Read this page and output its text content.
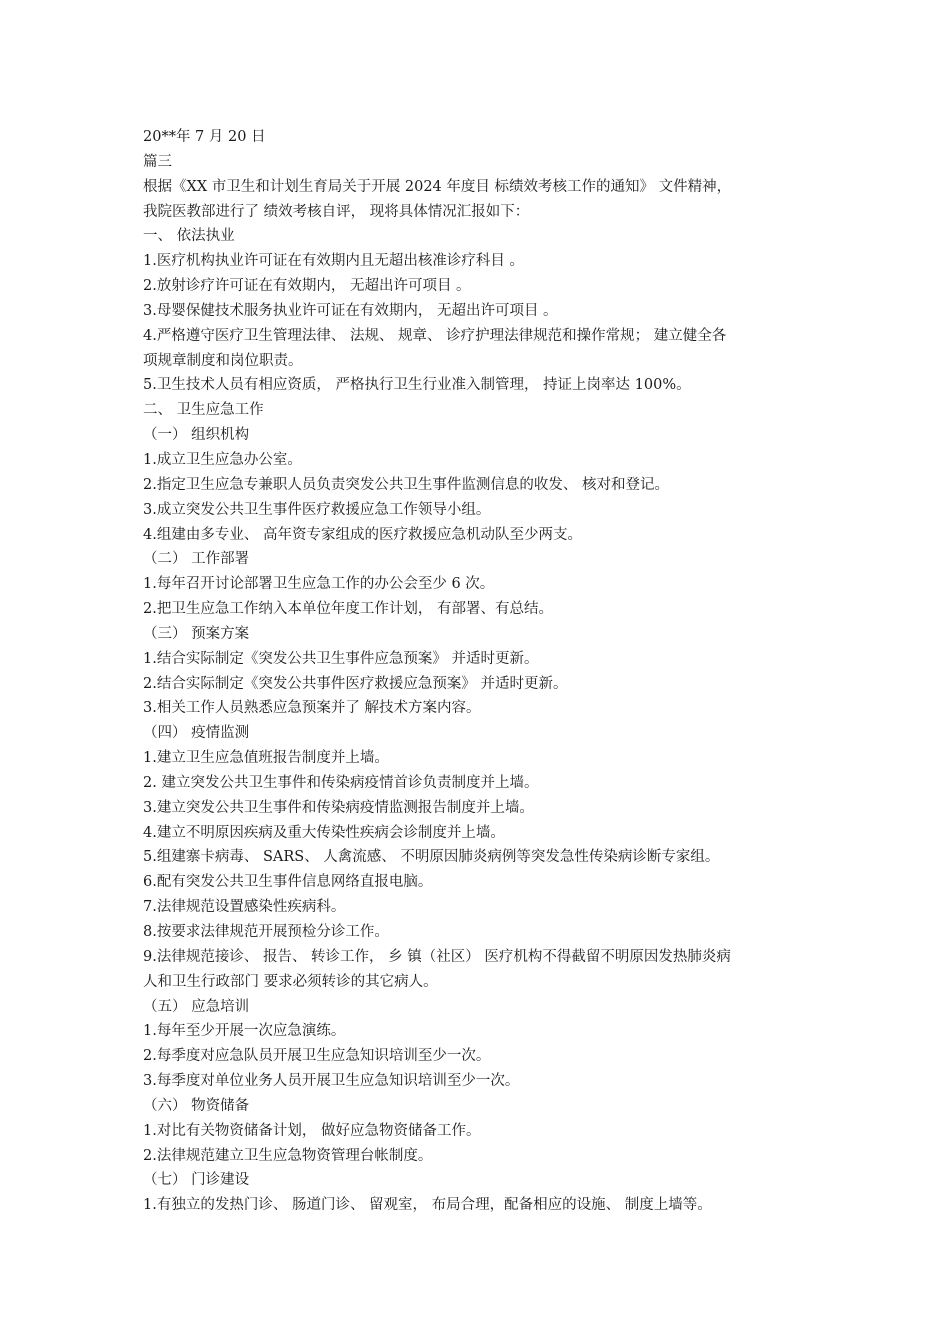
20**年 7 月 20 日
篇三
根据《XX 市卫生和计划生育局关于开展 2024 年度目 标绩效考核工作的通知》 文件精神，
我院医教部进行了 绩效考核自评， 现将具体情况汇报如下：
一、 依法执业
1.医疗机构执业许可证在有效期内且无超出核准诊疗科目 。
2.放射诊疗许可证在有效期内， 无超出许可项目 。
3.母婴保健技术服务执业许可证在有效期内， 无超出许可项目 。
4.严格遵守医疗卫生管理法律、 法规、 规章、 诊疗护理法律规范和操作常规； 建立健全各
项规章制度和岗位职责。
5.卫生技术人员有相应资质， 严格执行卫生行业准入制管理， 持证上岗率达 100%。
二、 卫生应急工作
（一） 组织机构
1.成立卫生应急办公室。
2.指定卫生应急专兼职人员负责突发公共卫生事件监测信息的收发、 核对和登记。
3.成立突发公共卫生事件医疗救援应急工作领导小组。
4.组建由多专业、 高年资专家组成的医疗救援应急机动队至少两支。
（二） 工作部署
1.每年召开讨论部署卫生应急工作的办公会至少 6 次。
2.把卫生应急工作纳入本单位年度工作计划， 有部署、有总结。
（三） 预案方案
1.结合实际制定《突发公共卫生事件应急预案》 并适时更新。
2.结合实际制定《突发公共事件医疗救援应急预案》 并适时更新。
3.相关工作人员熟悉应急预案并了 解技术方案内容。
（四） 疫情监测
1.建立卫生应急值班报告制度并上墙。
2. 建立突发公共卫生事件和传染病疫情首诊负责制度并上墙。
3.建立突发公共卫生事件和传染病疫情监测报告制度并上墙。
4.建立不明原因疾病及重大传染性疾病会诊制度并上墙。
5.组建寨卡病毒、 SARS、 人禽流感、 不明原因肺炎病例等突发急性传染病诊断专家组。
6.配有突发公共卫生事件信息网络直报电脑。
7.法律规范设置感染性疾病科。
8.按要求法律规范开展预检分诊工作。
9.法律规范接诊、 报告、 转诊工作， 乡 镇（社区） 医疗机构不得截留不明原因发热肺炎病
人和卫生行政部门 要求必须转诊的其它病人。
（五） 应急培训
1.每年至少开展一次应急演练。
2.每季度对应急队员开展卫生应急知识培训至少一次。
3.每季度对单位业务人员开展卫生应急知识培训至少一次。
（六） 物资储备
1.对比有关物资储备计划， 做好应急物资储备工作。
2.法律规范建立卫生应急物资管理台帐制度。
（七） 门诊建设
1.有独立的发热门诊、 肠道门诊、 留观室， 布局合理，配备相应的设施、 制度上墙等。
